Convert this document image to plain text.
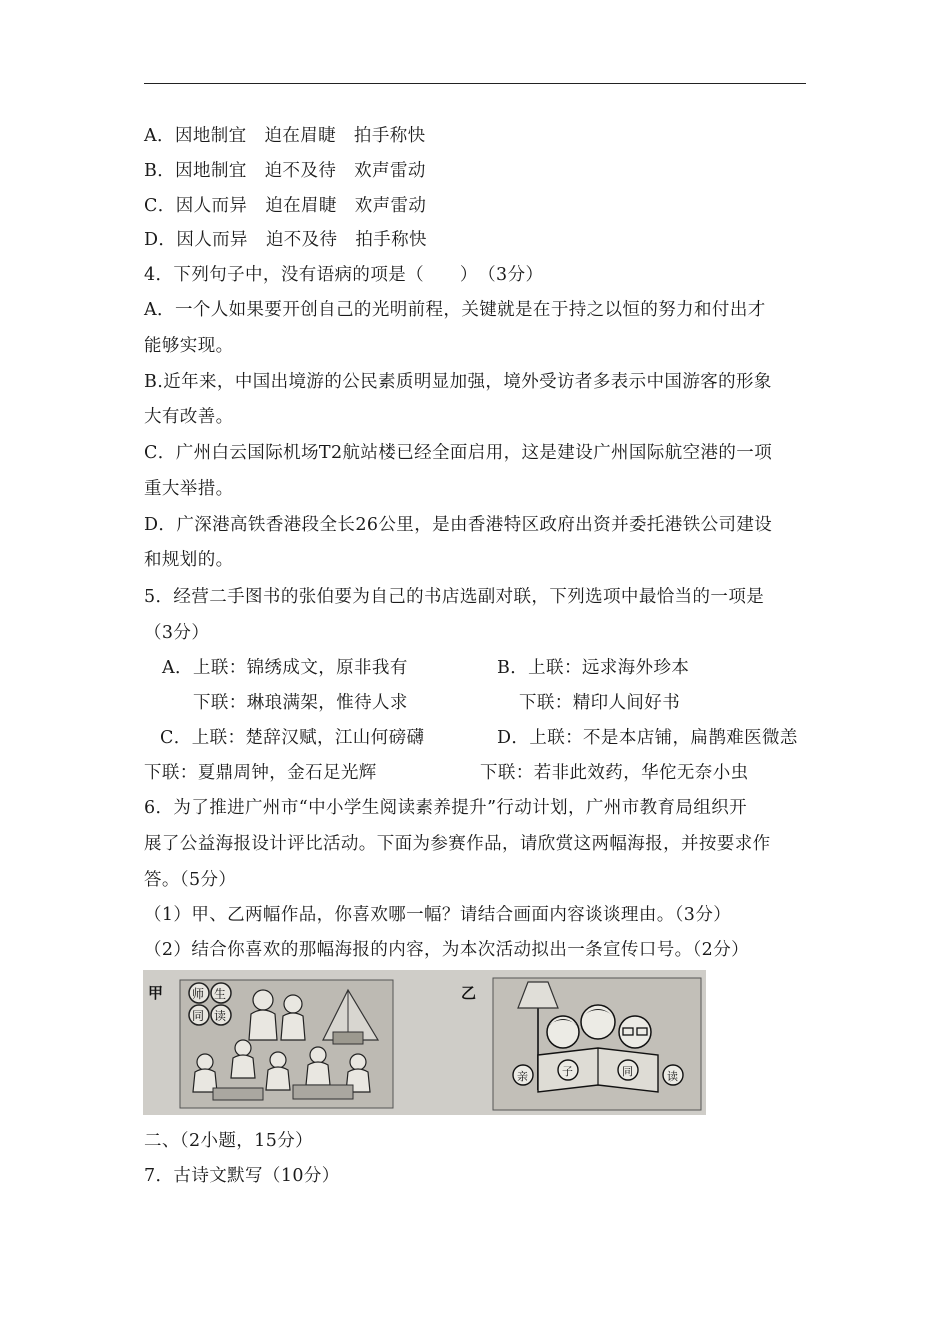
A．因地制宜　迫在眉睫　拍手称快
B．因地制宜　迫不及待　欢声雷动
C．因人而异　迫在眉睫　欢声雷动
D．因人而异　迫不及待　拍手称快
4．下列句子中，没有语病的项是（　　）　（3分）
A．一个人如果要开创自己的光明前程，关键就是在于持之以恒的努力和付出才
能够实现。
B.近年来，中国出境游的公民素质明显加强，境外受访者多表示中国游客的形象
大有改善。
C．广州白云国际机场T2航站楼已经全面启用，这是建设广州国际航空港的一项
重大举措。
D．广深港高铁香港段全长26公里，是由香港特区政府出资并委托港铁公司建设
和规划的。
5．经营二手图书的张伯要为自己的书店选副对联，下列选项中最恰当的一项是
（3分）
A．上联：锦绣成文，原非我有	B．上联：远求海外珍本
下联：琳琅满架，惟待人求	下联：精印人间好书
C．上联：楚辞汉赋，江山何磅礴	D．上联：不是本店铺，扁鹊难医微恙
下联：夏鼎周钟，金石足光辉	下联：若非此效药，华佗无奈小虫
6．为了推进广州市“中小学生阅读素养提升”行动计划，广州市教育局组织开
展了公益海报设计评比活动。下面为参赛作品，请欣赏这两幅海报，并按要求作
答。（5分）
（1）甲、乙两幅作品，你喜欢哪一幅？请结合画面内容谈谈理由。（3分）
（2）结合你喜欢的那幅海报的内容，为本次活动拟出一条宣传口号。（2分）
甲 师 生
同 读
乙
亲	子	同	读
二、（2小题，15分）
7．古诗文默写（10分）
